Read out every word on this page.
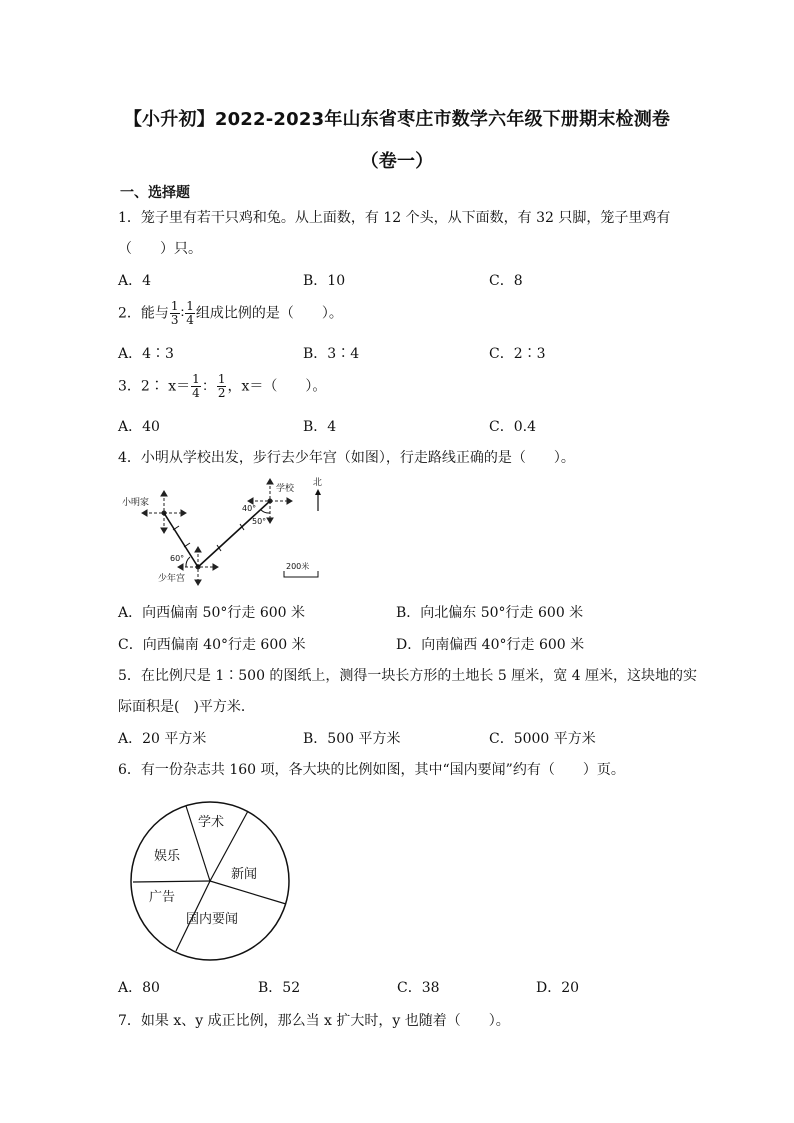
【小升初】2022-2023年山东省枣庄市数学六年级下册期末检测卷
（卷一）
一、选择题
1．笼子里有若干只鸡和兔。从上面数，有 12 个头，从下面数，有 32 只脚，笼子里鸡有
（　　）只。
A．4	B．10	C．8
2．能与 $\frac{1}{3}$ ∶ $\frac{1}{4}$ 组成比例的是（　　）。
A．4∶3	B．3∶4	C．2∶3
3．2∶ $x= \frac{1}{4}$ ： $\frac{1}{2}$ ，x＝（　　）。
A．40	B．4	C．0.4
4．小明从学校出发，步行去少年宫（如图），行走路线正确的是（　　）。
小明家
少年宫
学校
60°
40°
50°
北
200米
A．向西偏南 50°行走 600 米	B．向北偏东 50°行走 600 米
C．向西偏南 40°行走 600 米	D．向南偏西 40°行走 600 米
5．在比例尺是 1∶500 的图纸上，测得一块长方形的土地长 5 厘米，宽 4 厘米，这块地的实
际面积是(　)平方米．
A．20 平方米	B．500 平方米	C．5000 平方米
6．有一份杂志共 160 项，各大块的比例如图，其中“国内要闻”约有（　　）页。
学术
娱乐
新闻
广告
国内要闻
A．80	B．52	C．38	D．20
7．如果 x、y 成正比例，那么当 x 扩大时，y 也随着（　　）。
